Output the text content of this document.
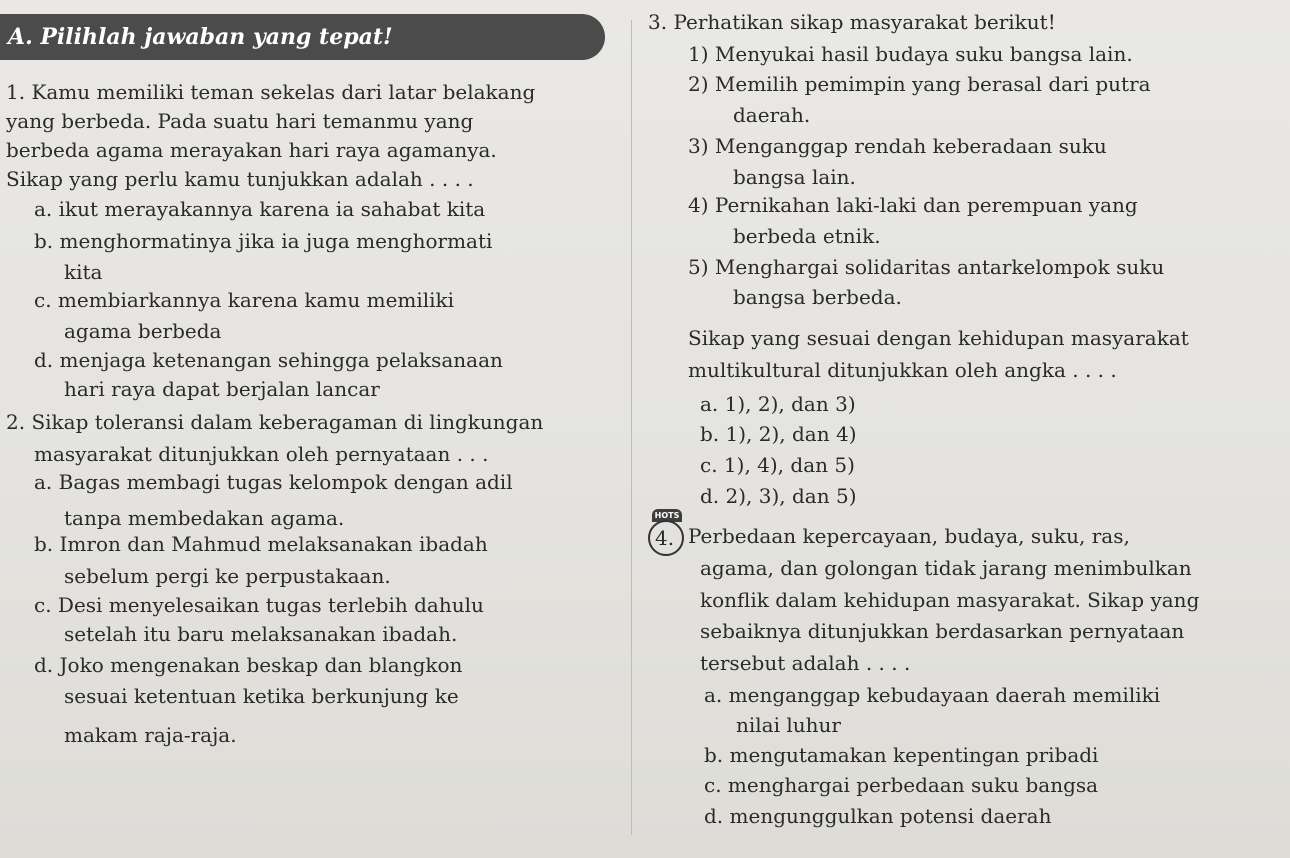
A. Pilihlah jawaban yang tepat!
1. Kamu memiliki teman sekelas dari latar belakang
yang berbeda. Pada suatu hari temanmu yang
berbeda agama merayakan hari raya agamanya.
Sikap yang perlu kamu tunjukkan adalah . . . .
a. ikut merayakannya karena ia sahabat kita
b. menghormatinya jika ia juga menghormati
kita
c. membiarkannya karena kamu memiliki
agama berbeda
d. menjaga ketenangan sehingga pelaksanaan
hari raya dapat berjalan lancar
2. Sikap toleransi dalam keberagaman di lingkungan
masyarakat ditunjukkan oleh pernyataan . . .
a. Bagas membagi tugas kelompok dengan adil
tanpa membedakan agama.
b. Imron dan Mahmud melaksanakan ibadah
sebelum pergi ke perpustakaan.
c. Desi menyelesaikan tugas terlebih dahulu
setelah itu baru melaksanakan ibadah.
d. Joko mengenakan beskap dan blangkon
sesuai ketentuan ketika berkunjung ke
makam raja-raja.
3. Perhatikan sikap masyarakat berikut!
1) Menyukai hasil budaya suku bangsa lain.
2) Memilih pemimpin yang berasal dari putra
daerah.
3) Menganggap rendah keberadaan suku
bangsa lain.
4) Pernikahan laki-laki dan perempuan yang
berbeda etnik.
5) Menghargai solidaritas antarkelompok suku
bangsa berbeda.
Sikap yang sesuai dengan kehidupan masyarakat
multikultural ditunjukkan oleh angka . . . .
a. 1), 2), dan 3)
b. 1), 2), dan 4)
c. 1), 4), dan 5)
d. 2), 3), dan 5)
HOTS
4. Perbedaan kepercayaan, budaya, suku, ras,
agama, dan golongan tidak jarang menimbulkan
konflik dalam kehidupan masyarakat. Sikap yang
sebaiknya ditunjukkan berdasarkan pernyataan
tersebut adalah . . . .
a. menganggap kebudayaan daerah memiliki
nilai luhur
b. mengutamakan kepentingan pribadi
c. menghargai perbedaan suku bangsa
d. mengunggulkan potensi daerah
